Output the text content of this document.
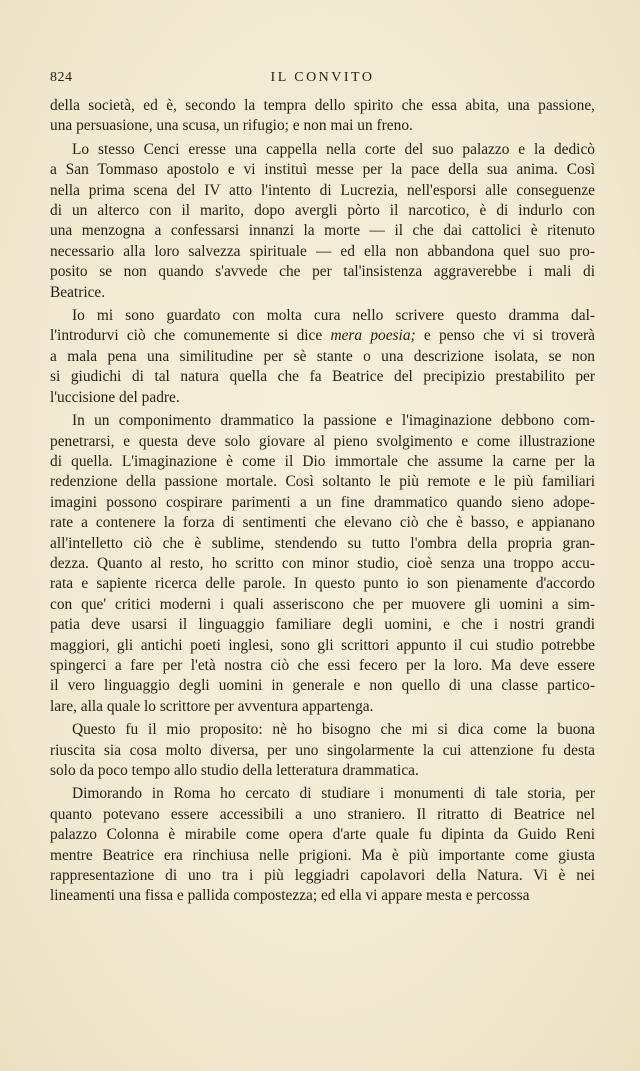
824	IL CONVITO
della società, ed è, secondo la tempra dello spirito che essa abita, una passione,
una persuasione, una scusa, un rifugio; e non mai un freno.
Lo stesso Cenci eresse una cappella nella corte del suo palazzo e la dedicò
a San Tommaso apostolo e vi instituì messe per la pace della sua anima. Così
nella prima scena del IV atto l'intento di Lucrezia, nell'esporsi alle conseguenze
di un alterco con il marito, dopo avergli pòrto il narcotico, è di indurlo con
una menzogna a confessarsi innanzi la morte — il che dai cattolici è ritenuto
necessario alla loro salvezza spirituale — ed ella non abbandona quel suo pro-
posito se non quando s'avvede che per tal'insistenza aggraverebbe i mali di
Beatrice.
Io mi sono guardato con molta cura nello scrivere questo dramma dal-
l'introdurvi ciò che comunemente si dice mera poesia; e penso che vi si troverà
a mala pena una similitudine per sè stante o una descrizione isolata, se non
si giudichi di tal natura quella che fa Beatrice del precipizio prestabilito per
l'uccisione del padre.
In un componimento drammatico la passione e l'imaginazione debbono com-
penetrarsi, e questa deve solo giovare al pieno svolgimento e come illustrazione
di quella. L'imaginazione è come il Dio immortale che assume la carne per la
redenzione della passione mortale. Così soltanto le più remote e le più familiari
imagini possono cospirare parimenti a un fine drammatico quando sieno adope-
rate a contenere la forza di sentimenti che elevano ciò che è basso, e appianano
all'intelletto ciò che è sublime, stendendo su tutto l'ombra della propria gran-
dezza. Quanto al resto, ho scritto con minor studio, cioè senza una troppo accu-
rata e sapiente ricerca delle parole. In questo punto io son pienamente d'accordo
con que' critici moderni i quali asseriscono che per muovere gli uomini a sim-
patia deve usarsi il linguaggio familiare degli uomini, e che i nostri grandi
maggiori, gli antichi poeti inglesi, sono gli scrittori appunto il cui studio potrebbe
spingerci a fare per l'età nostra ciò che essi fecero per la loro. Ma deve essere
il vero linguaggio degli uomini in generale e non quello di una classe partico-
lare, alla quale lo scrittore per avventura appartenga.
Questo fu il mio proposito: nè ho bisogno che mi si dica come la buona
riuscita sia cosa molto diversa, per uno singolarmente la cui attenzione fu desta
solo da poco tempo allo studio della letteratura drammatica.
Dimorando in Roma ho cercato di studiare i monumenti di tale storia, per
quanto potevano essere accessibili a uno straniero. Il ritratto di Beatrice nel
palazzo Colonna è mirabile come opera d'arte quale fu dipinta da Guido Reni
mentre Beatrice era rinchiusa nelle prigioni. Ma è più importante come giusta
rappresentazione di uno tra i più leggiadri capolavori della Natura. Vi è nei
lineamenti una fissa e pallida compostezza; ed ella vi appare mesta e percossa
